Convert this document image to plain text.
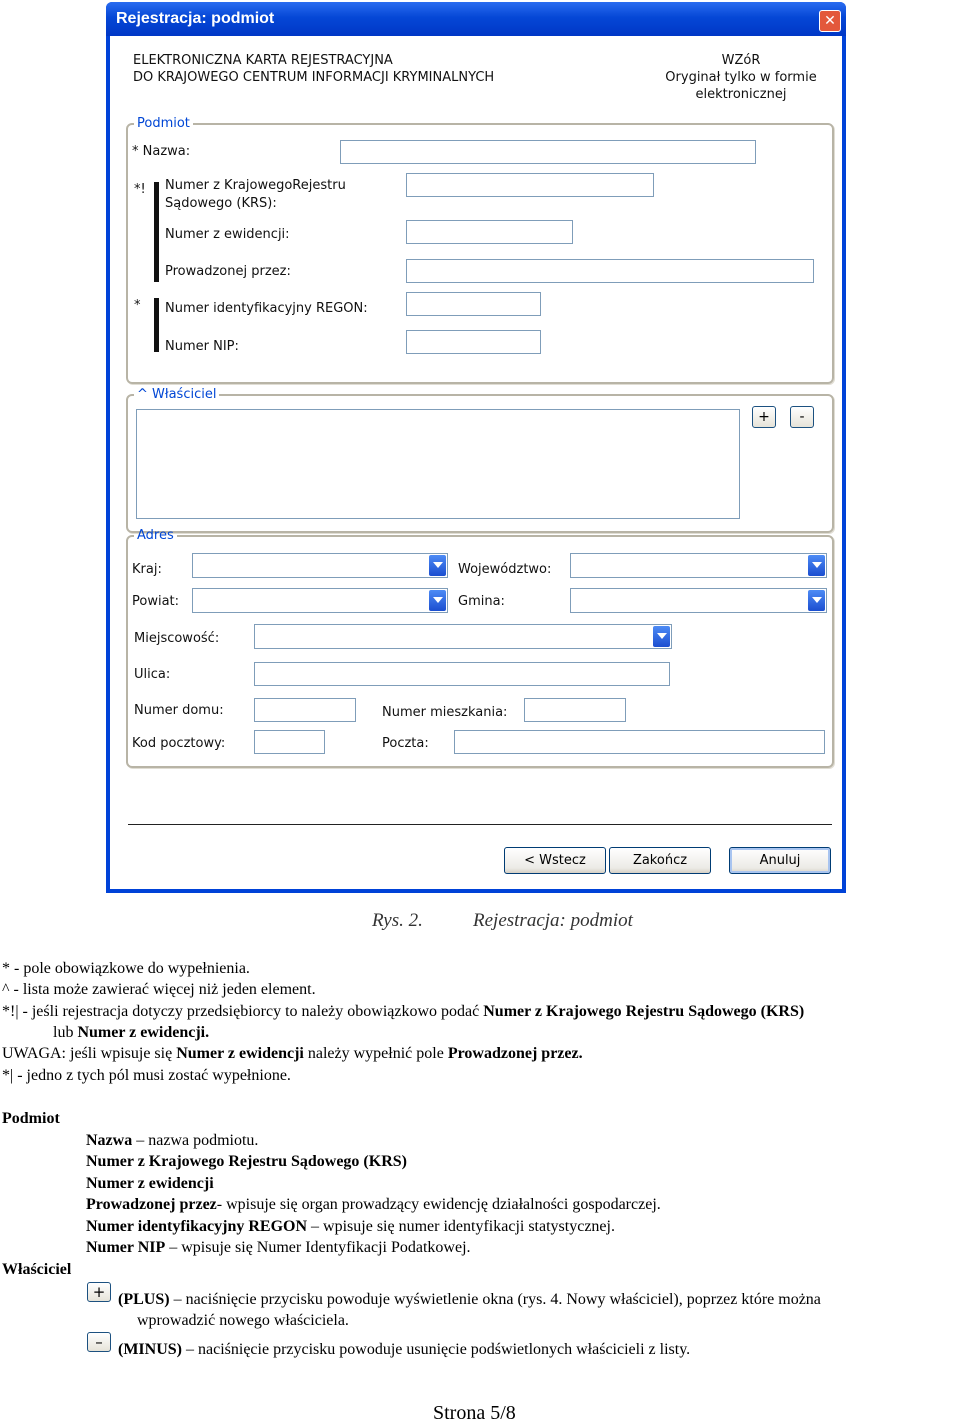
Rejestracja: podmiot	✕
ELEKTRONICZNA KARTA REJESTRACYJNA
DO KRAJOWEGO CENTRUM INFORMACJI KRYMINALNYCH
WZóR
Oryginał tylko w formie
elektronicznej
Podmiot
* Nazwa:
*! Numer z KrajowegoRejestru
Sądowego (KRS):
Numer z ewidencji:
Prowadzonej przez:
* Numer identyfikacyjny REGON:
Numer NIP:
^ Właściciel
+	-
Adres
Kraj:	Województwo:
Powiat:	Gmina:
Miejscowość:
Ulica:
Numer domu:	Numer mieszkania:
Kod pocztowy:	Poczta:
< Wstecz	Zakończ	Anuluj
Rys. 2.	Rejestracja: podmiot
* - pole obowiązkowe do wypełnienia.
^ - lista może zawierać więcej niż jeden element.
*!| - jeśli rejestracja dotyczy przedsiębiorcy to należy obowiązkowo podać Numer z Krajowego Rejestru Sądowego (KRS)
lub Numer z ewidencji.
UWAGA: jeśli wpisuje się Numer z ewidencji należy wypełnić pole Prowadzonej przez.
*| - jedno z tych pól musi zostać wypełnione.
Podmiot
Nazwa – nazwa podmiotu.
Numer z Krajowego Rejestru Sądowego (KRS)
Numer z ewidencji
Prowadzonej przez- wpisuje się organ prowadzący ewidencję działalności gospodarczej.
Numer identyfikacyjny REGON – wpisuje się numer identyfikacji statystycznej.
Numer NIP – wpisuje się Numer Identyfikacji Podatkowej.
Właściciel
+ (PLUS) – naciśnięcie przycisku powoduje wyświetlenie okna (rys. 4. Nowy właściciel), poprzez które można
wprowadzić nowego właściciela.
– (MINUS) – naciśnięcie przycisku powoduje usunięcie podświetlonych właścicieli z listy.
Strona 5/8
